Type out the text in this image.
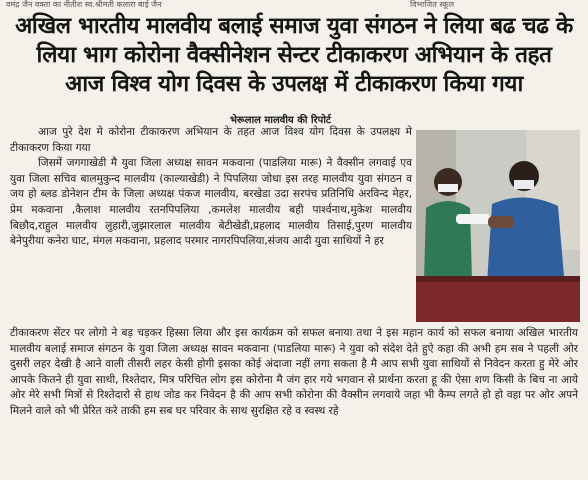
वमंद्र जैन वक्ता का नीतीश स्व.श्रीमती कलारा बाई जैन	विभाजित स्कूल
अखिल भारतीय मालवीय बलाई समाज युवा संगठन ने लिया बढ चढ के
लिया भाग कोरोना वैक्सीनेशन सेन्टर टीकाकरण अभियान के तहत
आज विश्व योग दिवस के उपलक्ष में टीकाकरण किया गया
भेरूलाल मालवीय की रिपोर्ट

आज पुरे देश मे कोरोना टीकाकरण अभियान के तहत आज विश्व योग दिवस के उपलक्ष्य मे टीकाकरण किया गया

जिसमें जगगाखेडी मै युवा जिला अध्यक्ष सावन मकवाना (पाडलिया मारू) ने वैक्सीन लगवाई एव युवा जिला सचिव बालमुकुन्द मालवीय (काल्याखेडी) ने पिपलिया जोधा इस तरह मालवीय युवा संगठन व जय हो ब्लड डोनेशन टीम के जिला अध्यक्ष पंकज मालवीय, बरखेडा उदा सरपंच प्रतिनिधि अरविन्द मेहर, प्रेम मकवाना ,कैलाश मालवीय रतनपिपलिया ,कमलेश मालवीय बही पार्श्वनाथ,मुकेश मालवीय बिछौद,राहुल मालवीय लुहारी,जुझारलाल मालवीय बेटीखेडी,प्रहलाद मालवीय तिसाई,पुरण मालवीय बेनेपुरीया कनेरा घाट, मंगल मकवाना, प्रहलाद परमार नागरपिपलिया,संजय आदी युवा साथियों ने हर

टीकाकरण सेंटर पर लोगो ने बड़ चड़कर हिस्सा लिया और इस कार्यक्रम को सफल बनाया तथा ने इस महान कार्य को सफल बनाया अखिल भारतीय मालवीय बलाई समाज संगठन के युवा जिला अध्यक्ष सावन मकवाना (पाडलिया मारू) ने युवा को संदेश देते हुऐ कहा की अभी हम सब ने पहली ओर दुसरी लहर देखी है आने वाली तीसरी लहर केसी होगी इसका कोई अंदाजा नहीं लगा सकता है मै आप सभी युवा साथियों से निवेदन करता हु मेरे ओर आपके कितने ही युवा साथी, रिश्तेदार, मित्र परिचित लोग इस कोरोना मै जंग हार गये भगवान से प्रार्थना करता हू की ऐसा शण किसी के बिच ना आये ओर मेरे सभी मित्रों से रिश्तेदारो से हाथ जोड कर निवेदन है की आप सभी कोरोना की वैक्सीन लगवाये जहा भी कैम्प लगते हो हो वहा पर ओर अपने मिलने वाले को भी प्रेरित करे ताकी हम सब घर परिवार के साथ सुरक्षित रहे व स्वस्थ रहे
